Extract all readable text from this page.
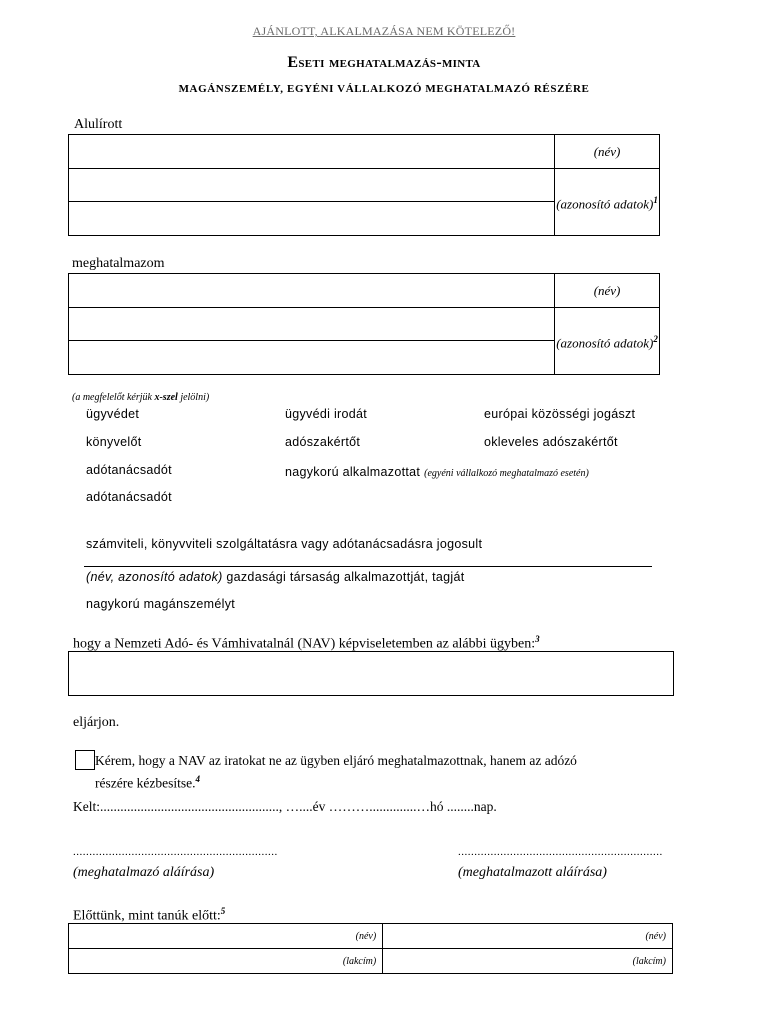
AJÁNLOTT, ALKALMAZÁSA NEM KÖTELEZŐ!
Eseti meghatalmazás-minta
MAGÁNSZEMÉLY, EGYÉNI VÁLLALKOZÓ MEGHATALMAZÓ RÉSZÉRE
Alulírott
	(név)
	(azonosító adatok)$^1$

meghatalmazom
	(név)
	(azonosító adatok)$^2$

(a megfelelőt kérjük x-szel jelölni)
ügyvédet	ügyvédi irodát	európai közösségi jogászt
könyvelőt	adószakértőt	okleveles adószakértőt
adótanácsadót	nagykorú alkalmazottat (egyéni vállalkozó meghatalmazó esetén)
adótanácsadót
számviteli, könyvviteli szolgáltatásra vagy adótanácsadásra jogosult
(név, azonosító adatok) gazdasági társaság alkalmazottját, tagját
nagykorú magánszemélyt
hogy a Nemzeti Adó- és Vámhivatalnál (NAV) képviseletemben az alábbi ügyben:$^3$
eljárjon.
Kérem, hogy a NAV az iratokat ne az ügyben eljáró meghatalmazottnak, hanem az adózó
részére kézbesítse.$^4$
Kelt:....................................................., …....év ………..............…hó ........nap.
...............................................................	...............................................................
(meghatalmazó aláírása)	(meghatalmazott aláírása)
Előttünk, mint tanúk előtt:$^5$
(név)	(név)
(lakcím)	(lakcím)
